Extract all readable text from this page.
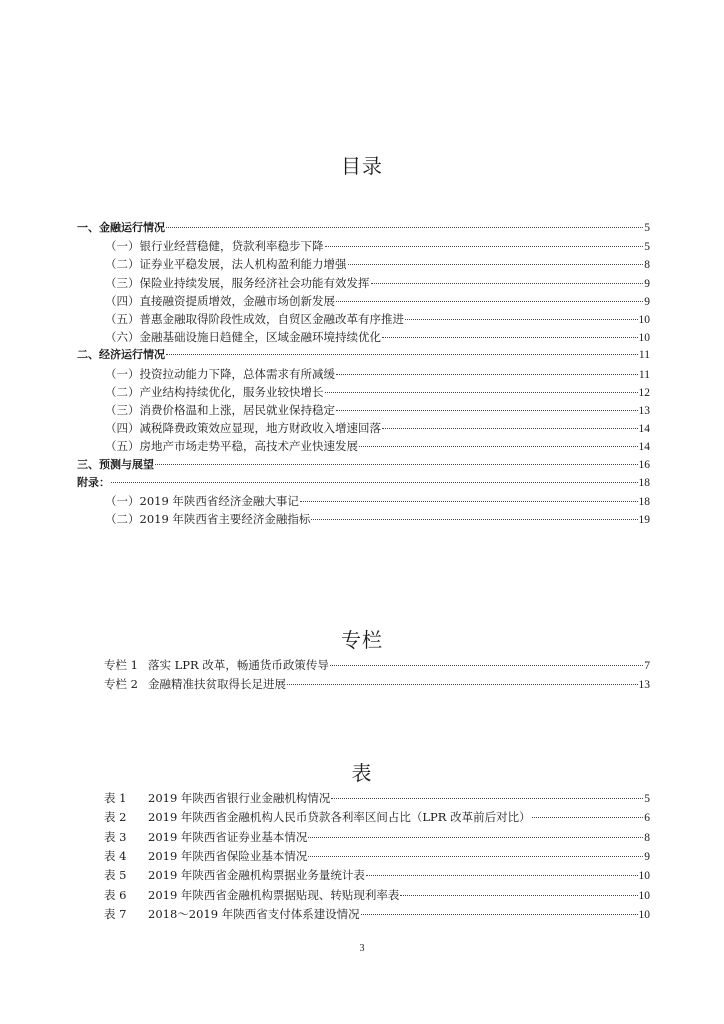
目录
一、金融运行情况	5
（一）银行业经营稳健，贷款利率稳步下降	5
（二）证券业平稳发展，法人机构盈利能力增强	8
（三）保险业持续发展，服务经济社会功能有效发挥	9
（四）直接融资提质增效，金融市场创新发展	9
（五）普惠金融取得阶段性成效，自贸区金融改革有序推进	10
（六）金融基础设施日趋健全，区域金融环境持续优化	10
二、经济运行情况	11
（一）投资拉动能力下降，总体需求有所减缓	11
（二）产业结构持续优化，服务业较快增长	12
（三）消费价格温和上涨，居民就业保持稳定	13
（四）减税降费政策效应显现，地方财政收入增速回落	14
（五）房地产市场走势平稳，高技术产业快速发展	14
三、预测与展望	16
附录：	18
（一）2019 年陕西省经济金融大事记	18
（二）2019 年陕西省主要经济金融指标	19
专栏
专栏 1 落实 LPR 改革，畅通货币政策传导	7
专栏 2 金融精准扶贫取得长足进展	13
表
表 1	2019 年陕西省银行业金融机构情况	5
表 2	2019 年陕西省金融机构人民币贷款各利率区间占比（LPR 改革前后对比）	6
表 3	2019 年陕西省证券业基本情况	8
表 4	2019 年陕西省保险业基本情况	9
表 5	2019 年陕西省金融机构票据业务量统计表	10
表 6	2019 年陕西省金融机构票据贴现、转贴现利率表	10
表 7	2018～2019 年陕西省支付体系建设情况	10
3
